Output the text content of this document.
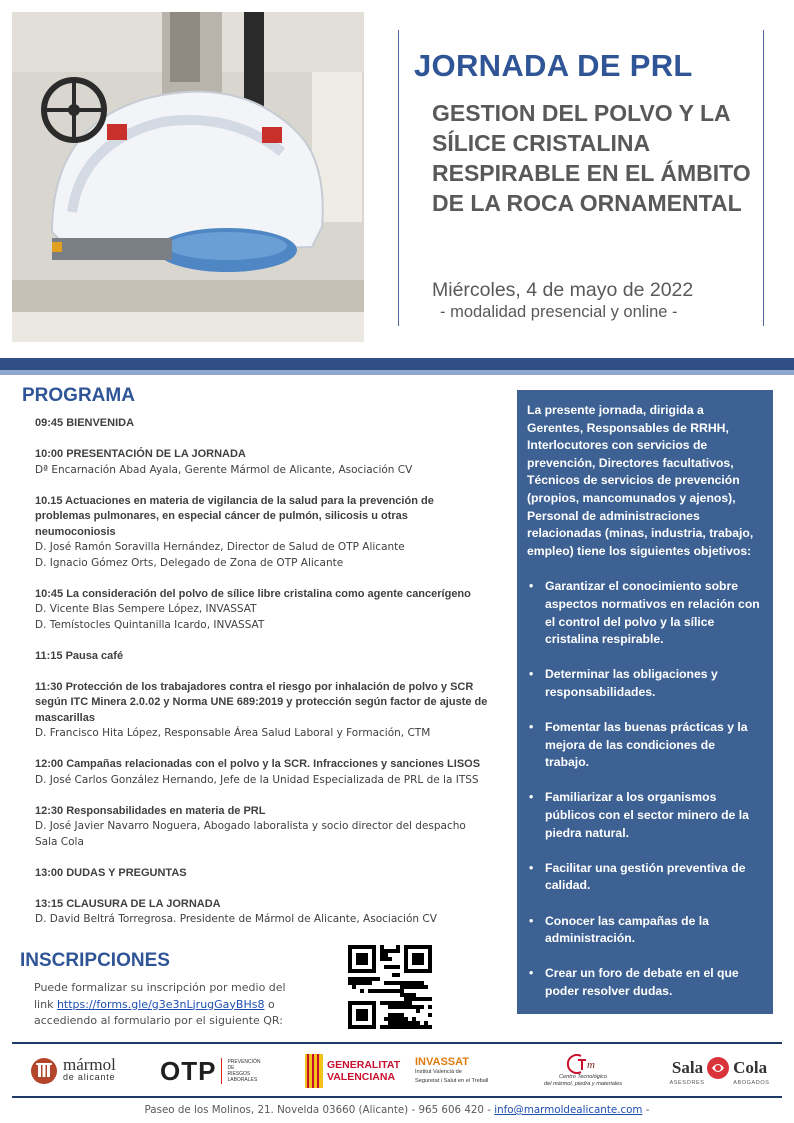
JORNADA DE PRL
GESTION DEL POLVO Y LA SÍLICE CRISTALINA RESPIRABLE EN EL ÁMBITO DE LA ROCA ORNAMENTAL
Miércoles, 4 de mayo de 2022
- modalidad presencial y online -
PROGRAMA
09:45 BIENVENIDA
10:00 PRESENTACIÓN DE LA JORNADA
Dª Encarnación Abad Ayala, Gerente Mármol de Alicante, Asociación CV
10.15 Actuaciones en materia de vigilancia de la salud para la prevención de problemas pulmonares, en especial cáncer de pulmón, silicosis u otras neumoconiosis
D. José Ramón Soravilla Hernández, Director de Salud de OTP Alicante
D. Ignacio Gómez Orts, Delegado de Zona de OTP Alicante
10:45 La consideración del polvo de sílice libre cristalina como agente cancerígeno
D. Vicente Blas Sempere López, INVASSAT
D. Temístocles Quintanilla Icardo, INVASSAT
11:15 Pausa café
11:30 Protección de los trabajadores contra el riesgo por inhalación de polvo y SCR según ITC Minera 2.0.02 y Norma UNE 689:2019 y protección según factor de ajuste de mascarillas
D. Francisco Hita López, Responsable Área Salud Laboral y Formación, CTM
12:00 Campañas relacionadas con el polvo y la SCR. Infracciones y sanciones LISOS
D. José Carlos González Hernando, Jefe de la Unidad Especializada de PRL de la ITSS
12:30 Responsabilidades en materia de PRL
D. José Javier Navarro Noguera, Abogado laboralista y socio director del despacho Sala Cola
13:00 DUDAS Y PREGUNTAS
13:15 CLAUSURA DE LA JORNADA
D. David Beltrá Torregrosa. Presidente de Mármol de Alicante, Asociación CV
INSCRIPCIONES
Puede formalizar su inscripción por medio del link https://forms.gle/g3e3nLjrugGayBHs8 o accediendo al formulario por el siguiente QR:

La presente jornada, dirigida a Gerentes, Responsables de RRHH, Interlocutores con servicios de prevención, Directores facultativos, Técnicos de servicios de prevención (propios, mancomunados y ajenos), Personal de administraciones relacionadas (minas, industria, trabajo, empleo) tiene los siguientes objetivos:

• Garantizar el conocimiento sobre aspectos normativos en relación con el control del polvo y la sílice cristalina respirable.
• Determinar las obligaciones y responsabilidades.
• Fomentar las buenas prácticas y la mejora de las condiciones de trabajo.
• Familiarizar a los organismos públicos con el sector minero de la piedra natural.
• Facilitar una gestión preventiva de calidad.
• Conocer las campañas de la administración.
• Crear un foro de debate en el que poder resolver dudas.
mármol
de alicante OTP PREVENCIÓN
DE
RIESGOS
LABORALES
GENERALITAT
VALENCIANA
INVASSAT
Institut Valencià de
Seguretat i Salut en el Treball
m
Centro Tecnológico
del mármol, piedra y materiales
Sala Cola
ASESORES	ABOGADOS
Paseo de los Molinos, 21. Novelda 03660 (Alicante) - 965 606 420 - info@marmoldealicante.com -
